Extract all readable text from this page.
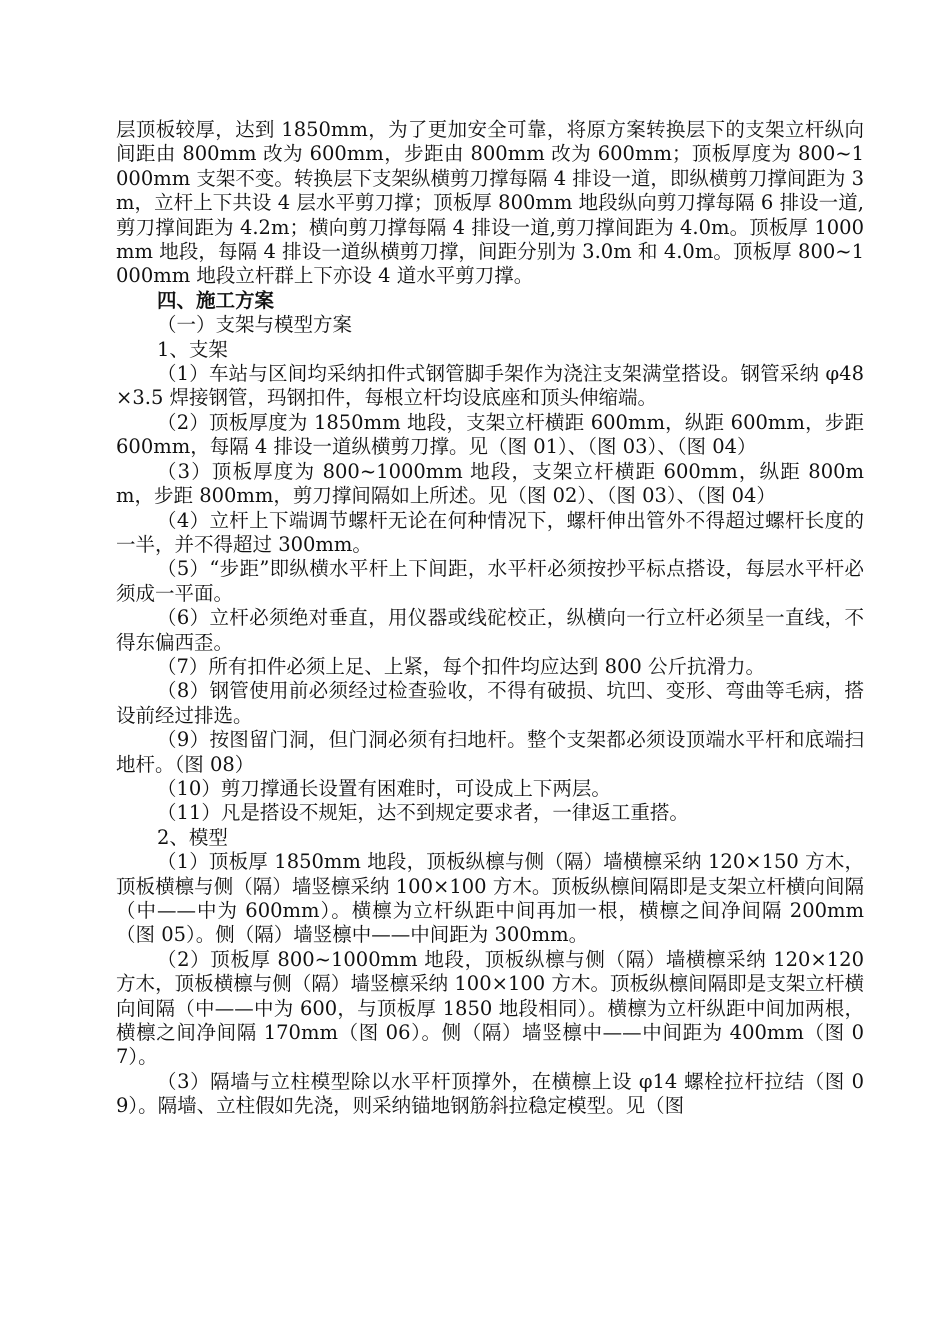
层顶板较厚，达到 1850mm，为了更加安全可靠，将原方案转换层下的支架立杆纵向间距由 800mm 改为 600mm，步距由 800mm 改为 600mm；顶板厚度为 800~1000mm 支架不变。转换层下支架纵横剪刀撑每隔 4 排设一道，即纵横剪刀撑间距为 3m，立杆上下共设 4 层水平剪刀撑；顶板厚 800mm 地段纵向剪刀撑每隔 6 排设一道,剪刀撑间距为 4.2m；横向剪刀撑每隔 4 排设一道,剪刀撑间距为 4.0m。顶板厚 1000mm 地段，每隔 4 排设一道纵横剪刀撑，间距分别为 3.0m 和 4.0m。顶板厚 800~1000mm 地段立杆群上下亦设 4 道水平剪刀撑。

四、施工方案

（一）支架与模型方案

1、支架

（1）车站与区间均采纳扣件式钢管脚手架作为浇注支架满堂搭设。钢管采纳 φ48×3.5 焊接钢管，玛钢扣件，每根立杆均设底座和顶头伸缩端。

（2）顶板厚度为 1850mm 地段，支架立杆横距 600mm，纵距 600mm，步距 600mm，每隔 4 排设一道纵横剪刀撑。见（图 01）、（图 03）、（图 04）

（3）顶板厚度为 800~1000mm 地段，支架立杆横距 600mm，纵距 800mm，步距 800mm，剪刀撑间隔如上所述。见（图 02）、（图 03）、（图 04）

（4）立杆上下端调节螺杆无论在何种情况下，螺杆伸出管外不得超过螺杆长度的一半，并不得超过 300mm。

（5）“步距”即纵横水平杆上下间距，水平杆必须按抄平标点搭设，每层水平杆必须成一平面。

（6）立杆必须绝对垂直，用仪器或线砣校正，纵横向一行立杆必须呈一直线，不得东偏西歪。

（7）所有扣件必须上足、上紧，每个扣件均应达到 800 公斤抗滑力。

（8）钢管使用前必须经过检查验收，不得有破损、坑凹、变形、弯曲等毛病，搭设前经过排选。

（9）按图留门洞，但门洞必须有扫地杆。整个支架都必须设顶端水平杆和底端扫地杆。（图 08）

（10）剪刀撑通长设置有困难时，可设成上下两层。

（11）凡是搭设不规矩，达不到规定要求者，一律返工重搭。

2、模型

（1）顶板厚 1850mm 地段，顶板纵檩与侧（隔）墙横檩采纳 120×150 方木，顶板横檩与侧（隔）墙竖檩采纳 100×100 方木。顶板纵檩间隔即是支架立杆横向间隔（中——中为 600mm）。横檩为立杆纵距中间再加一根，横檩之间净间隔 200mm（图 05）。侧（隔）墙竖檩中——中间距为 300mm。

（2）顶板厚 800~1000mm 地段，顶板纵檩与侧（隔）墙横檩采纳 120×120 方木，顶板横檩与侧（隔）墙竖檩采纳 100×100 方木。顶板纵檩间隔即是支架立杆横向间隔（中——中为 600，与顶板厚 1850 地段相同）。横檩为立杆纵距中间加两根，横檩之间净间隔 170mm（图 06）。侧（隔）墙竖檩中——中间距为 400mm（图 07）。

（3）隔墙与立柱模型除以水平杆顶撑外，在横檩上设 φ14 螺栓拉杆拉结（图 09）。隔墙、立柱假如先浇，则采纳锚地钢筋斜拉稳定模型。见（图
